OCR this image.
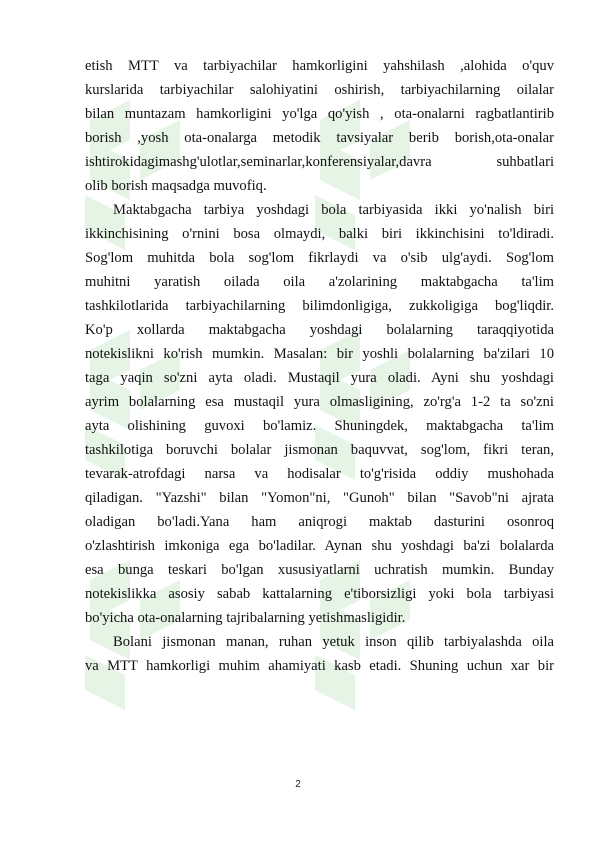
etish MTT va tarbiyachilar hamkorligini yahshilash ,alohida o'quv
kurslarida tarbiyachilar salohiyatini oshirish, tarbiyachilarning oilalar
bilan muntazam hamkorligini yo'lga qo'yish , ota-onalarni ragbatlantirib
borish ,yosh ota-onalarga metodik tavsiyalar berib borish,ota-onalar
ishtirokidagimashg'ulotlar,seminarlar,konferensiyalar,davra suhbatlari
olib borish maqsadga muvofiq.
Maktabgacha tarbiya yoshdagi bola tarbiyasida ikki yo'nalish biri
ikkinchisining o'rnini bosa olmaydi, balki biri ikkinchisini to'ldiradi.
Sog'lom muhitda bola sog'lom fikrlaydi va o'sib ulg'aydi. Sog'lom
muhitni yaratish oilada oila a'zolarining maktabgacha ta'lim
tashkilotlarida tarbiyachilarning bilimdonligiga, zukkoligiga bog'liqdir.
Ko'p xollarda maktabgacha yoshdagi bolalarning taraqqiyotida
notekislikni ko'rish mumkin. Masalan: bir yoshli bolalarning ba'zilari 10
taga yaqin so'zni ayta oladi. Mustaqil yura oladi. Ayni shu yoshdagi
ayrim bolalarning esa mustaqil yura olmasligining, zo'rg'a 1-2 ta so'zni
ayta olishining guvoxi bo'lamiz. Shuningdek, maktabgacha ta'lim
tashkilotiga boruvchi bolalar jismonan baquvvat, sog'lom, fikri teran,
tevarak-atrofdagi narsa va hodisalar to'g'risida oddiy mushohada
qiladigan. "Yazshi" bilan "Yomon"ni, "Gunoh" bilan "Savob"ni ajrata
oladigan bo'ladi.Yana ham aniqrogi maktab dasturini osonroq
o'zlashtirish imkoniga ega bo'ladilar. Aynan shu yoshdagi ba'zi bolalarda
esa bunga teskari bo'lgan xususiyatlarni uchratish mumkin. Bunday
notekislikka asosiy sabab kattalarning e'tiborsizligi yoki bola tarbiyasi
bo'yicha ota-onalarning tajribalarning yetishmasligidir.
Bolani jismonan manan, ruhan yetuk inson qilib tarbiyalashda oila
va MTT hamkorligi muhim ahamiyati kasb etadi. Shuning uchun xar bir
2
